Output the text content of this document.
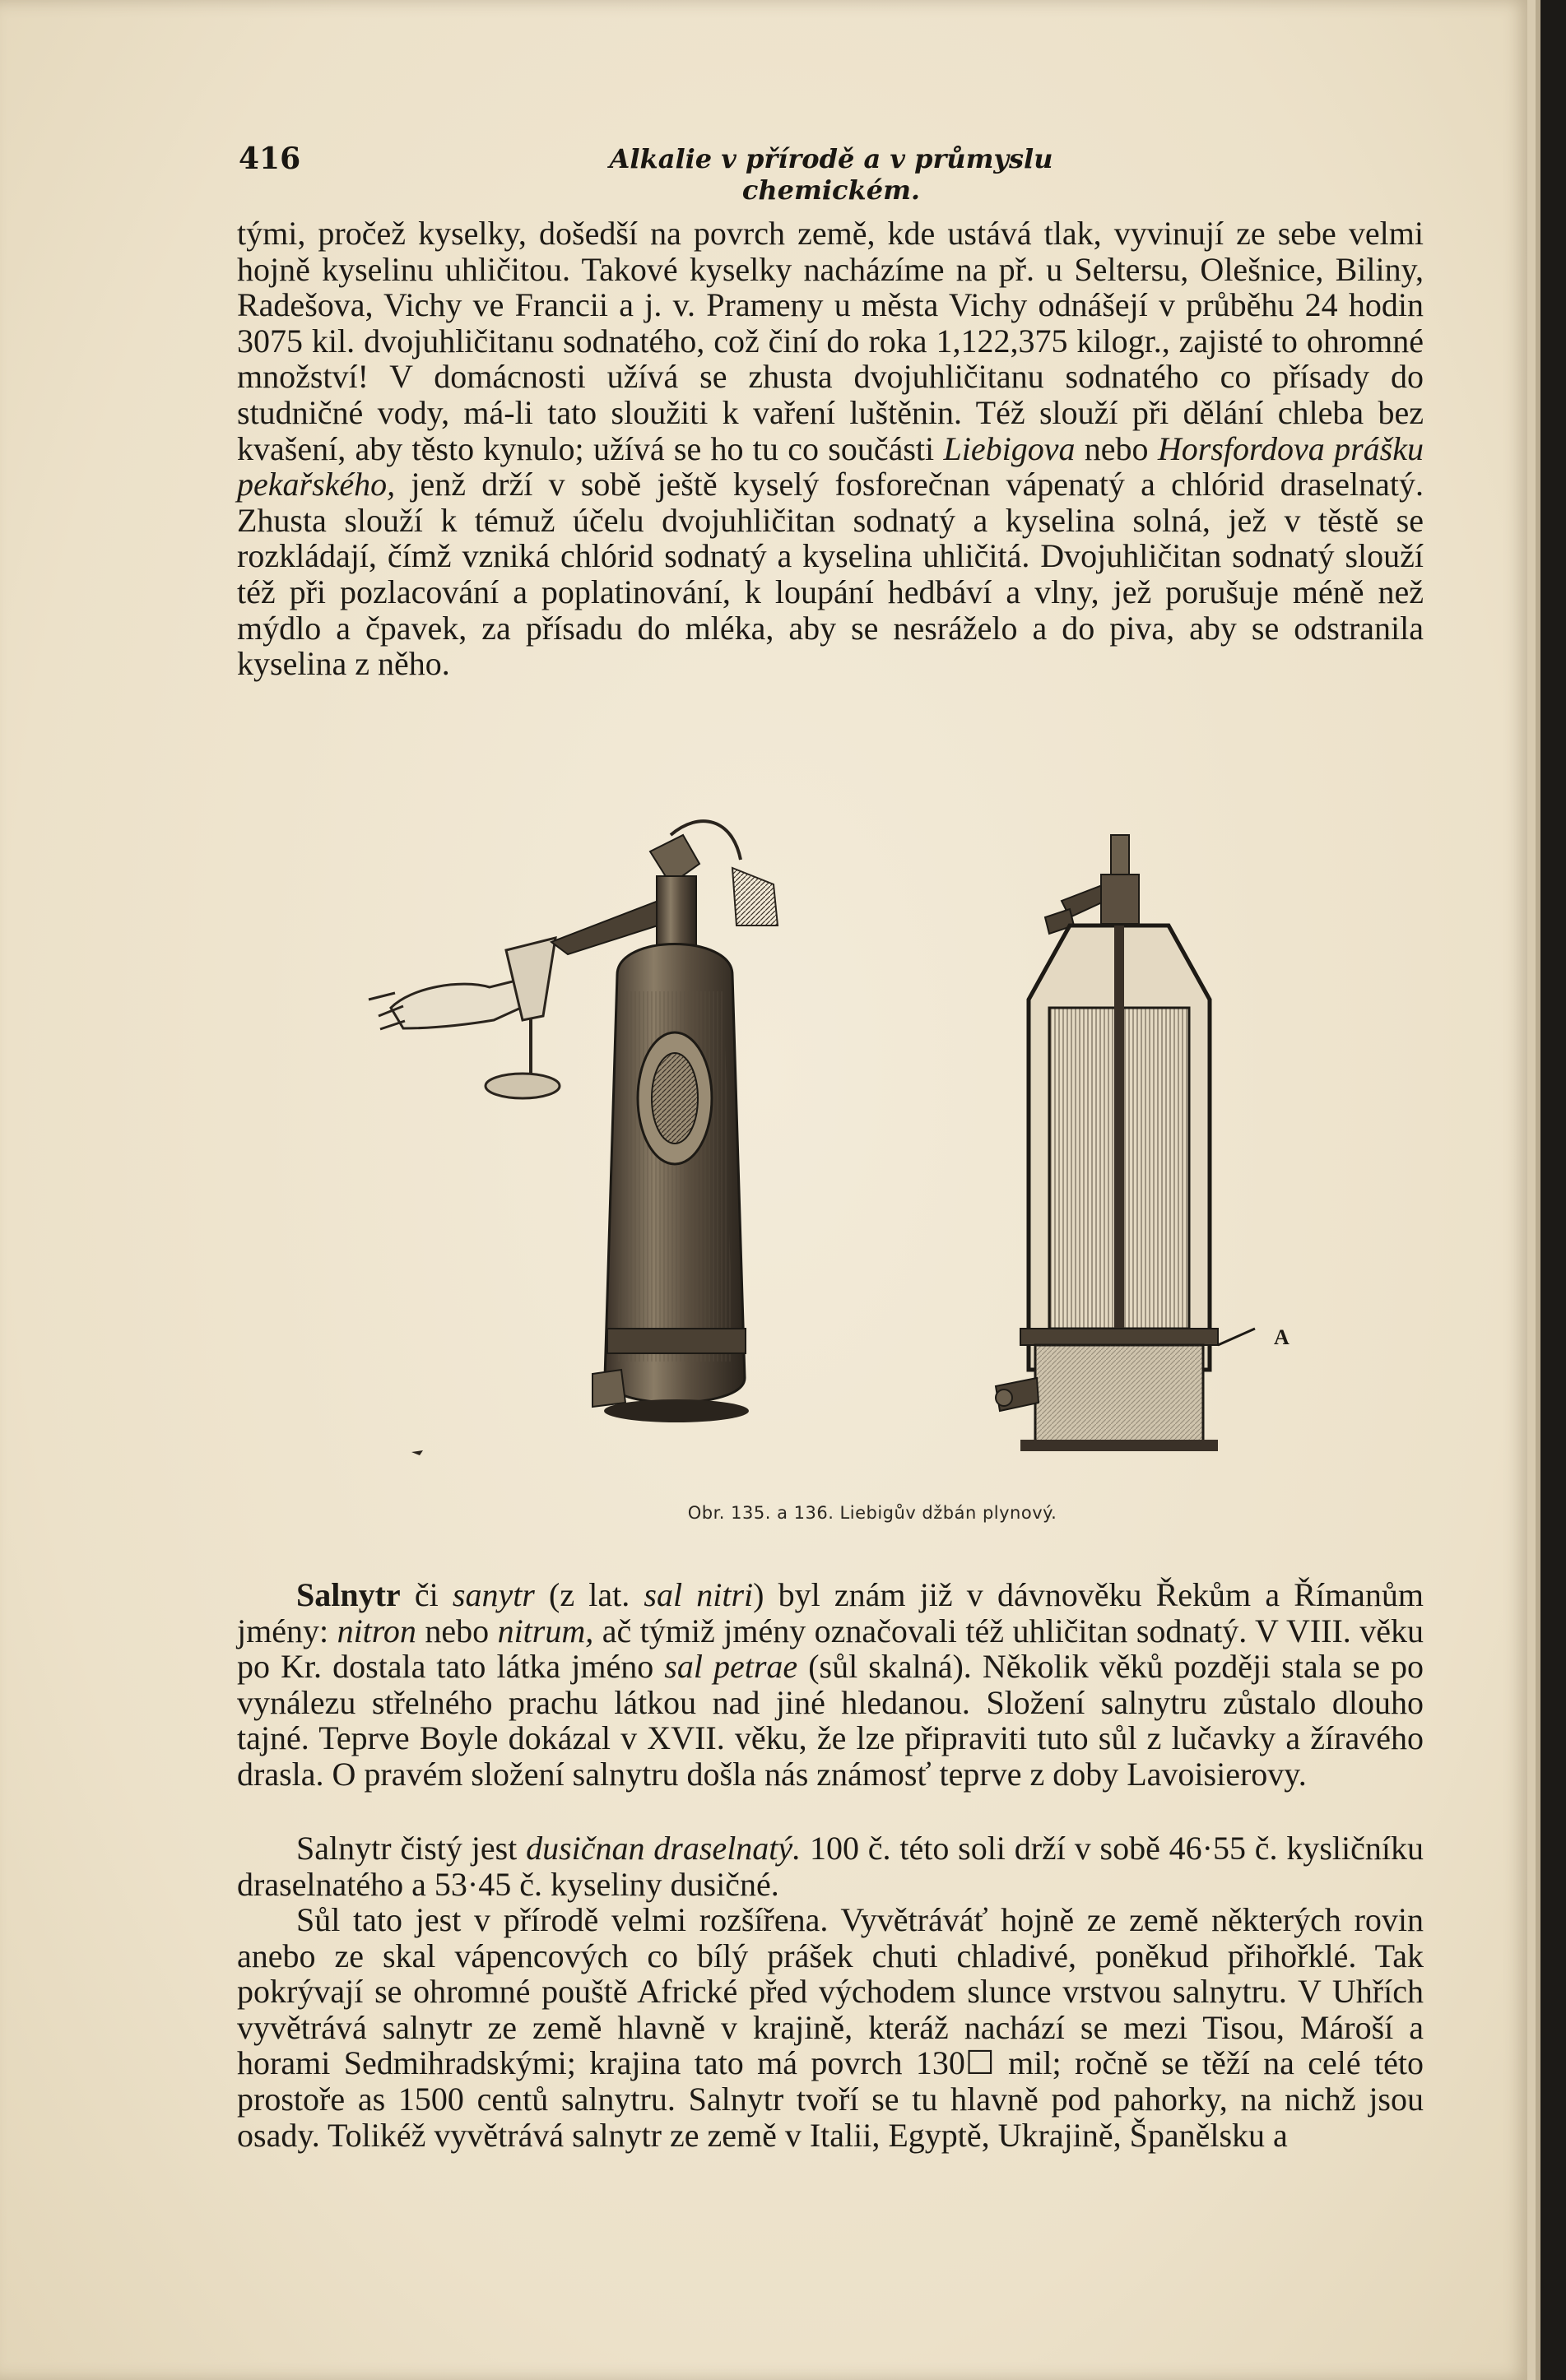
416	Alkalie v přírodě a v průmyslu chemickém.

tými, pročež kyselky, došedší na povrch země, kde ustává tlak, vyvinují ze sebe velmi hojně kyselinu uhličitou. Takové kyselky nacházíme na př. u Seltersu, Olešnice, Biliny, Radešova, Vichy ve Francii a j. v. Prameny u města Vichy odnášejí v průběhu 24 hodin 3075 kil. dvojuhličitanu sodnatého, což činí do roka 1,122,375 kilogr., zajisté to ohromné množství! V domácnosti užívá se zhusta dvojuhličitanu sodnatého co přísady do studničné vody, má-li tato sloužiti k vaření luštěnin. Též slouží při dělání chleba bez kvašení, aby těsto kynulo; užívá se ho tu co součásti Liebigova nebo Horsfordova prášku pekařského, jenž drží v sobě ještě kyselý fosforečnan vápenatý a chlórid draselnatý. Zhusta slouží k témuž účelu dvojuhličitan sodnatý a kyselina solná, jež v těstě se rozkládají, čímž vzniká chlórid sodnatý a kyselina uhličitá. Dvojuhličitan sodnatý slouží též při pozlacování a poplatinování, k loupání hedbáví a vlny, jež porušuje méně než mýdlo a čpavek, za přísadu do mléka, aby se nesráželo a do piva, aby se odstranila kyselina z něho.

A
Obr. 135. a 136. Liebigův džbán plynový.

Salnytr či sanytr (z lat. sal nitri) byl znám již v dávnověku Řekům a Římanům jmény: nitron nebo nitrum, ač týmiž jmény označovali též uhličitan sodnatý. V VIII. věku po Kr. dostala tato látka jméno sal petrae (sůl skalná). Několik věků později stala se po vynálezu střelného prachu látkou nad jiné hledanou. Složení salnytru zůstalo dlouho tajné. Teprve Boyle dokázal v XVII. věku, že lze připraviti tuto sůl z lučavky a žíravého drasla. O pravém složení salnytru došla nás známosť teprve z doby Lavoisierovy.

Salnytr čistý jest dusičnan draselnatý. 100 č. této soli drží v sobě 46·55 č. kysličníku draselnatého a 53·45 č. kyseliny dusičné.

Sůl tato jest v přírodě velmi rozšířena. Vyvětráváť hojně ze země některých rovin anebo ze skal vápencových co bílý prášek chuti chladivé, poněkud přihořklé. Tak pokrývají se ohromné pouště Africké před východem slunce vrstvou salnytru. V Uhřích vyvětrává salnytr ze země hlavně v krajině, kteráž nachází se mezi Tisou, Mároší a horami Sedmihradskými; krajina tato má povrch 130☐ mil; ročně se těží na celé této prostoře as 1500 centů salnytru. Salnytr tvoří se tu hlavně pod pahorky, na nichž jsou osady. Tolikéž vyvětrává salnytr ze země v Italii, Egyptě, Ukrajině, Španělsku a
